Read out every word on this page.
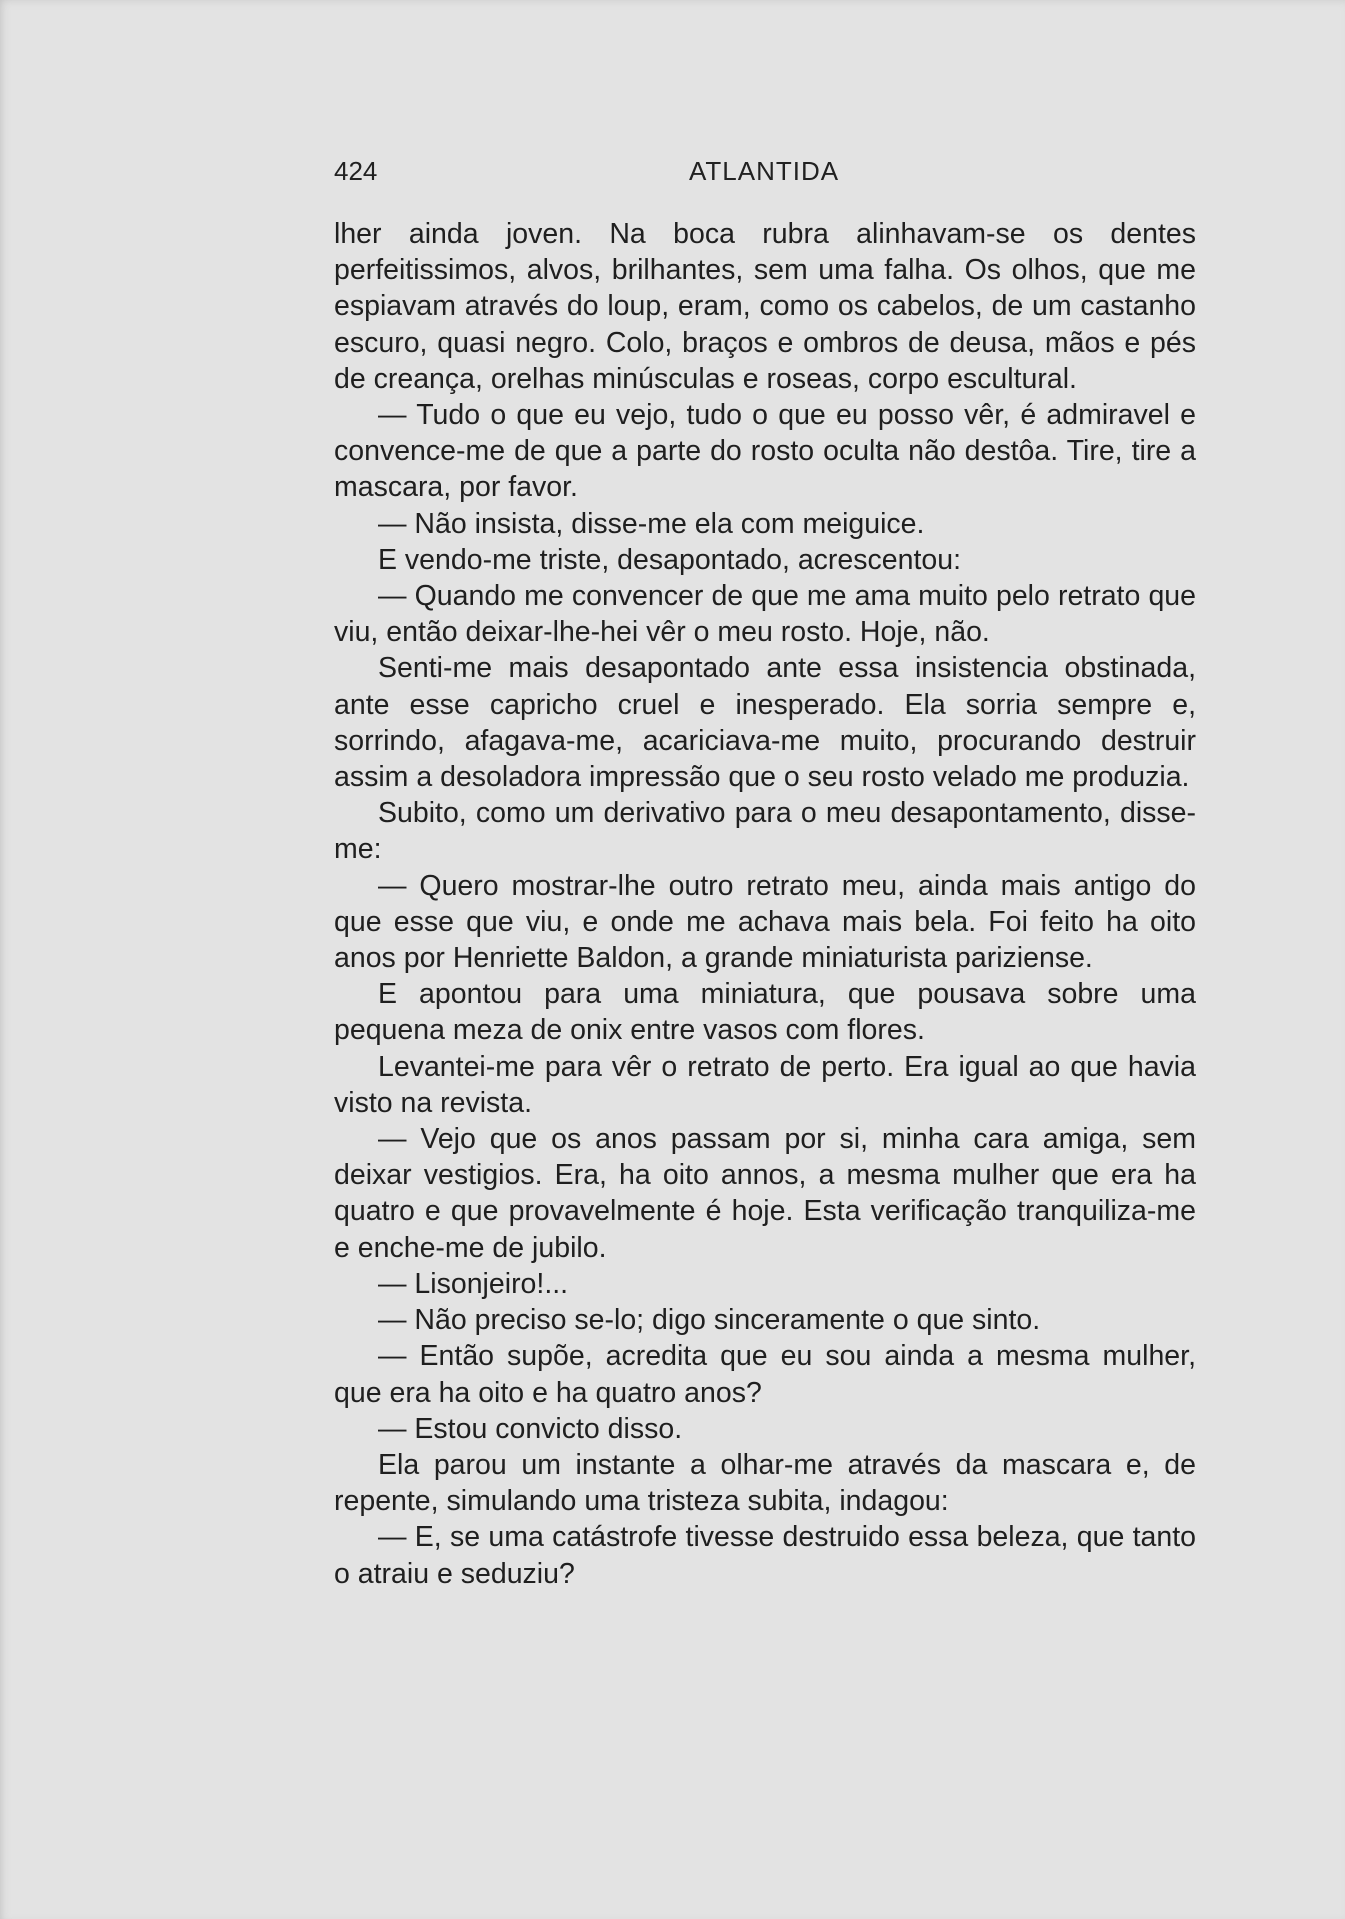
424	ATLANTIDA

lher ainda joven. Na boca rubra alinhavam-se os dentes perfeitissimos, alvos, brilhantes, sem uma falha. Os olhos, que me espiavam através do loup, eram, como os cabelos, de um castanho escuro, quasi negro. Colo, braços e ombros de deusa, mãos e pés de creança, orelhas minúsculas e roseas, corpo escultural.

— Tudo o que eu vejo, tudo o que eu posso vêr, é admiravel e convence-me de que a parte do rosto oculta não destôa. Tire, tire a mascara, por favor.

— Não insista, disse-me ela com meiguice.

E vendo-me triste, desapontado, acrescentou:

— Quando me convencer de que me ama muito pelo retrato que viu, então deixar-lhe-hei vêr o meu rosto. Hoje, não.

Senti-me mais desapontado ante essa insistencia obstinada, ante esse capricho cruel e inesperado. Ela sorria sempre e, sorrindo, afagava-me, acariciava-me muito, procurando destruir assim a desoladora impressão que o seu rosto velado me produzia.

Subito, como um derivativo para o meu desapontamento, disse-me:

— Quero mostrar-lhe outro retrato meu, ainda mais antigo do que esse que viu, e onde me achava mais bela. Foi feito ha oito anos por Henriette Baldon, a grande miniaturista pariziense.

E apontou para uma miniatura, que pousava sobre uma pequena meza de onix entre vasos com flores.

Levantei-me para vêr o retrato de perto. Era igual ao que havia visto na revista.

— Vejo que os anos passam por si, minha cara amiga, sem deixar vestigios. Era, ha oito annos, a mesma mulher que era ha quatro e que provavelmente é hoje. Esta verificação tranquiliza-me e enche-me de jubilo.

— Lisonjeiro!...

— Não preciso se-lo; digo sinceramente o que sinto.

— Então supõe, acredita que eu sou ainda a mesma mulher, que era ha oito e ha quatro anos?

— Estou convicto disso.

Ela parou um instante a olhar-me através da mascara e, de repente, simulando uma tristeza subita, indagou:

— E, se uma catástrofe tivesse destruido essa beleza, que tanto o atraiu e seduziu?
